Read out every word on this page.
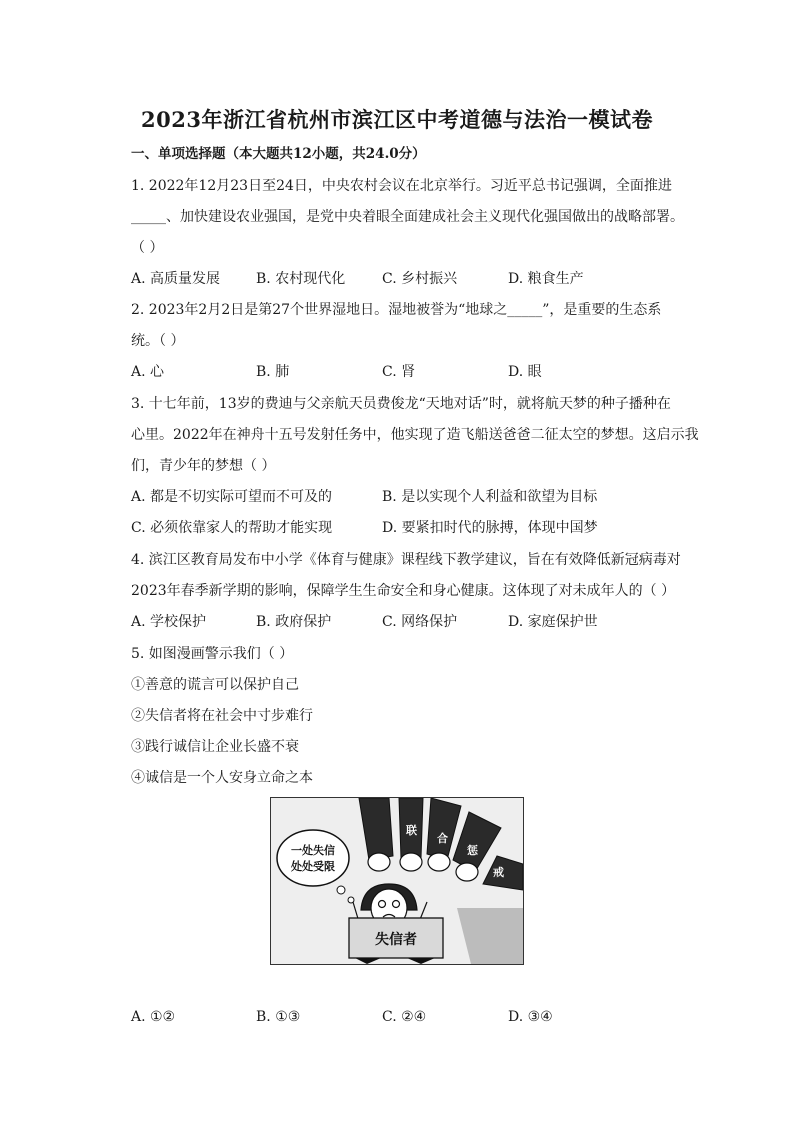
2023年浙江省杭州市滨江区中考道德与法治一模试卷
一、单项选择题（本大题共12小题，共24.0分）
1. 2022年12月23日至24日，中央农村会议在北京举行。习近平总书记强调，全面推进
_____、加快建设农业强国，是党中央着眼全面建成社会主义现代化强国做出的战略部署。
（ ）
A. 高质量发展	B. 农村现代化	C. 乡村振兴	D. 粮食生产
2. 2023年2月2日是第27个世界湿地日。湿地被誉为“地球之_____”，是重要的生态系
统。（ ）
A. 心	B. 肺	C. 肾	D. 眼
3. 十七年前，13岁的费迪与父亲航天员费俊龙“天地对话”时，就将航天梦的种子播种在
心里。2022年在神舟十五号发射任务中，他实现了造飞船送爸爸二征太空的梦想。这启示我
们，青少年的梦想（ ）
A. 都是不切实际可望而不可及的	B. 是以实现个人利益和欲望为目标
C. 必须依靠家人的帮助才能实现	D. 要紧扣时代的脉搏，体现中国梦
4. 滨江区教育局发布中小学《体育与健康》课程线下教学建议，旨在有效降低新冠病毒对
2023年春季新学期的影响，保障学生生命安全和身心健康。这体现了对未成年人的（ ）
A. 学校保护	B. 政府保护	C. 网络保护	D. 家庭保护世
5. 如图漫画警示我们（ ）
①善意的谎言可以保护自己
②失信者将在社会中寸步难行
③践行诚信让企业长盛不衰
④诚信是一个人安身立命之本
联
合
惩
戒
一处失信
处处受限
失信者
A. ①②	B. ①③	C. ②④	D. ③④
